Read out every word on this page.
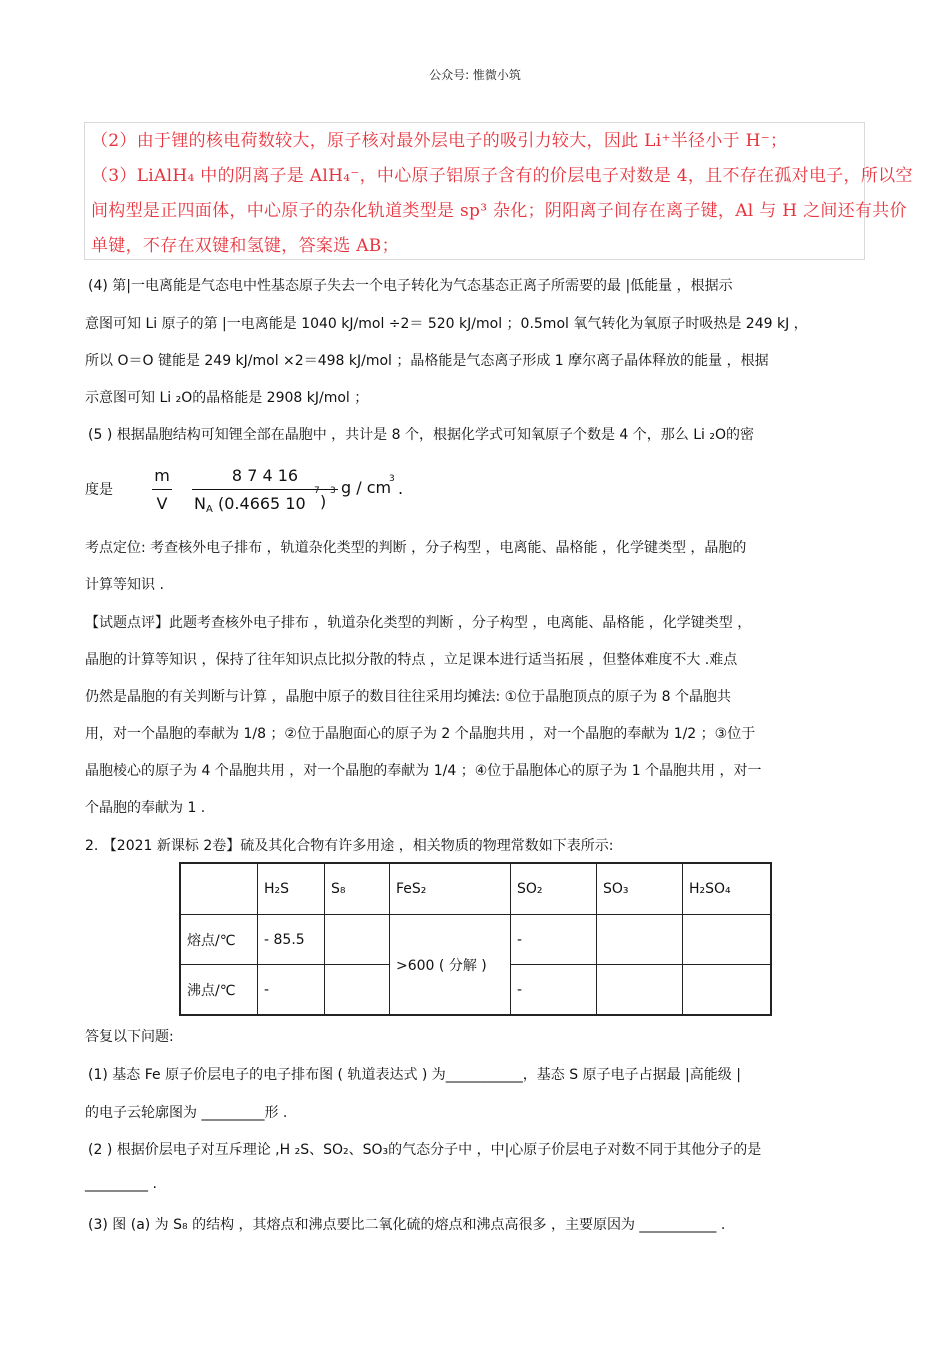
公众号: 惟微小筑
（2）由于锂的核电荷数较大，原子核对最外层电子的吸引力较大，因此 Li⁺半径小于 H⁻；
（3）LiAlH₄ 中的阴离子是 AlH₄⁻，中心原子铝原子含有的价层电子对数是 4，且不存在孤对电子，所以空
间构型是正四面体，中心原子的杂化轨道类型是 sp³ 杂化；阴阳离子间存在离子键，Al 与 H 之间还有共价
单键，不存在双键和氢键，答案选 AB；
(4) 第|一电离能是气态电中性基态原子失去一个电子转化为气态基态正离子所需要的最 |低能量 ，根据示
意图可知 Li 原子的第 |一电离能是 1040 kJ/mol ÷2＝ 520 kJ/mol ；0.5mol 氧气转化为氧原子时吸热是 249 kJ ，
所以 O＝O 键能是 249 kJ/mol ×2＝498 kJ/mol ；晶格能是气态离子形成 1 摩尔离子晶体释放的能量 ，根据
示意图可知 Li ₂O的晶格能是 2908 kJ/mol ；
(5 ) 根据晶胞结构可知锂全部在晶胞中 ，共计是 8 个，根据化学式可知氧原子个数是 4 个，那么 Li ₂O的密
度是
m
V
8 7 4 16
N A (0.4665 10
7
)
3 g / cm
3 .
考点定位: 考查核外电子排布 ，轨道杂化类型的判断 ，分子构型 ，电离能、晶格能 ，化学键类型 ，晶胞的
计算等知识 .
【试题点评】此题考查核外电子排布 ，轨道杂化类型的判断 ，分子构型 ，电离能、晶格能 ，化学键类型 ，
晶胞的计算等知识 ，保持了往年知识点比拟分散的特点 ，立足课本进行适当拓展 ，但整体难度不大 .难点
仍然是晶胞的有关判断与计算 ，晶胞中原子的数目往往采用均摊法: ①位于晶胞顶点的原子为 8 个晶胞共
用，对一个晶胞的奉献为 1/8 ；②位于晶胞面心的原子为 2 个晶胞共用 ，对一个晶胞的奉献为 1/2 ；③位于
晶胞棱心的原子为 4 个晶胞共用 ，对一个晶胞的奉献为 1/4 ；④位于晶胞体心的原子为 1 个晶胞共用 ，对一
个晶胞的奉献为 1 .
2. 【2021 新课标 2卷】硫及其化合物有许多用途 ，相关物质的物理常数如下表所示:
	H₂S	S₈	FeS₂	SO₂	SO₃	H₂SO₄
熔点/℃	- 85.5		>600 ( 分解 )	-		
沸点/℃	-			-		
答复以下问题:
(1) 基态 Fe 原子价层电子的电子排布图 ( 轨道表达式 ) 为___________，基态 S 原子电子占据最 |高能级 |
的电子云轮廓图为 _________形 .
(2 ) 根据价层电子对互斥理论 ,H ₂S、SO₂、SO₃的气态分子中 ，中|心原子价层电子对数不同于其他分子的是
_________ .
(3) 图 (a) 为 S₈ 的结构 ，其熔点和沸点要比二氧化硫的熔点和沸点高很多 ，主要原因为 ___________ .
